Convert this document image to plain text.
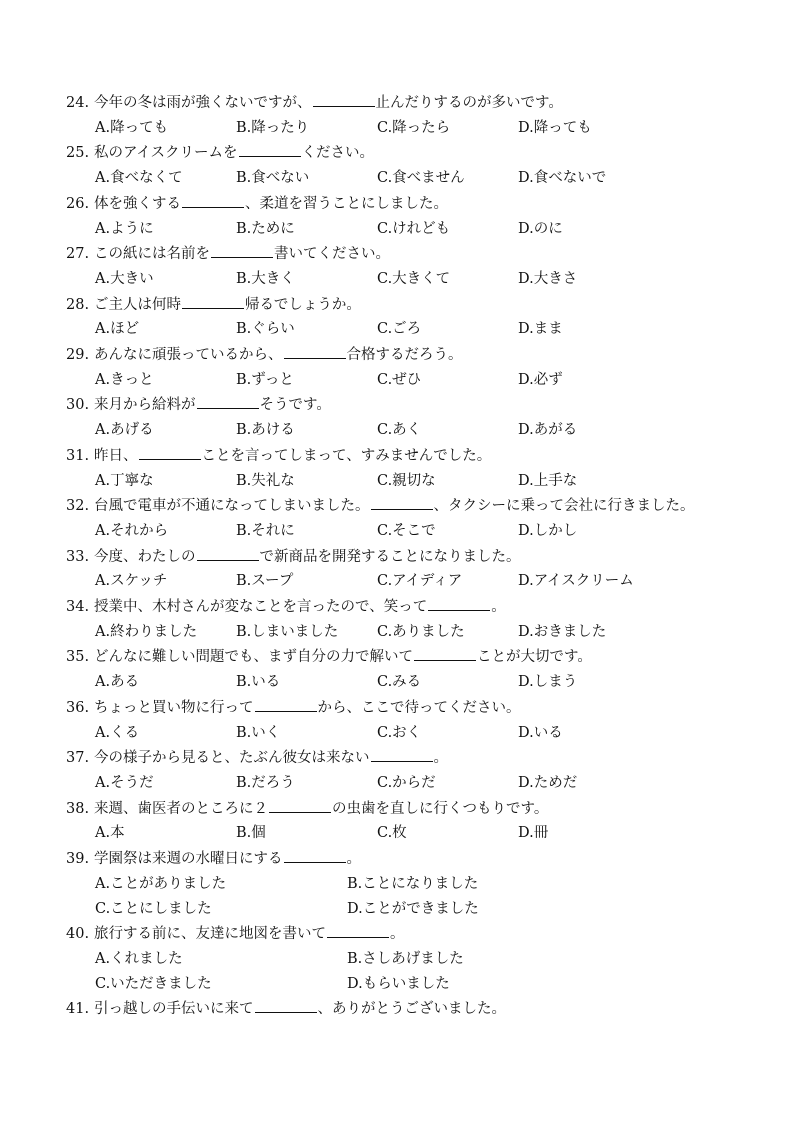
24. 今年の冬は雨が強くないですが、	止んだりするのが多いです。
A.降っても	B.降ったり	C.降ったら	D.降っても
25. 私のアイスクリームを	ください。
A.食べなくて	B.食べない	C.食べません	D.食べないで
26. 体を強くする	、柔道を習うことにしました。
A.ように	B.ために	C.けれども	D.のに
27. この紙には名前を	書いてください。
A.大きい	B.大きく	C.大きくて	D.大きさ
28. ご主人は何時	帰るでしょうか。
A.ほど	B.ぐらい	C.ごろ	D.まま
29. あんなに頑張っているから、	合格するだろう。
A.きっと	B.ずっと	C.ぜひ	D.必ず
30. 来月から給料が	そうです。
A.あげる	B.あける	C.あく	D.あがる
31. 昨日、	ことを言ってしまって、すみませんでした。
A.丁寧な	B.失礼な	C.親切な	D.上手な
32. 台風で電車が不通になってしまいました。	、タクシーに乗って会社に行きました。
A.それから	B.それに	C.そこで	D.しかし
33. 今度、わたしの	で新商品を開発することになりました。
A.スケッチ	B.スープ	C.アイディア	D.アイスクリーム
34. 授業中、木村さんが変なことを言ったので、笑って	。
A.終わりました	B.しまいました	C.ありました	D.おきました
35. どんなに難しい問題でも、まず自分の力で解いて	ことが大切です。
A.ある	B.いる	C.みる	D.しまう
36. ちょっと買い物に行って	から、ここで待ってください。
A.くる	B.いく	C.おく	D.いる
37. 今の様子から見ると、たぶん彼女は来ない	。
A.そうだ	B.だろう	C.からだ	D.ためだ
38. 来週、歯医者のところに２	の虫歯を直しに行くつもりです。
A.本	B.個	C.枚	D.冊
39. 学園祭は来週の水曜日にする	。
A.ことがありました	B.ことになりました
C.ことにしました	D.ことができました
40. 旅行する前に、友達に地図を書いて	。
A.くれました	B.さしあげました
C.いただきました	D.もらいました
41. 引っ越しの手伝いに来て	、ありがとうございました。
